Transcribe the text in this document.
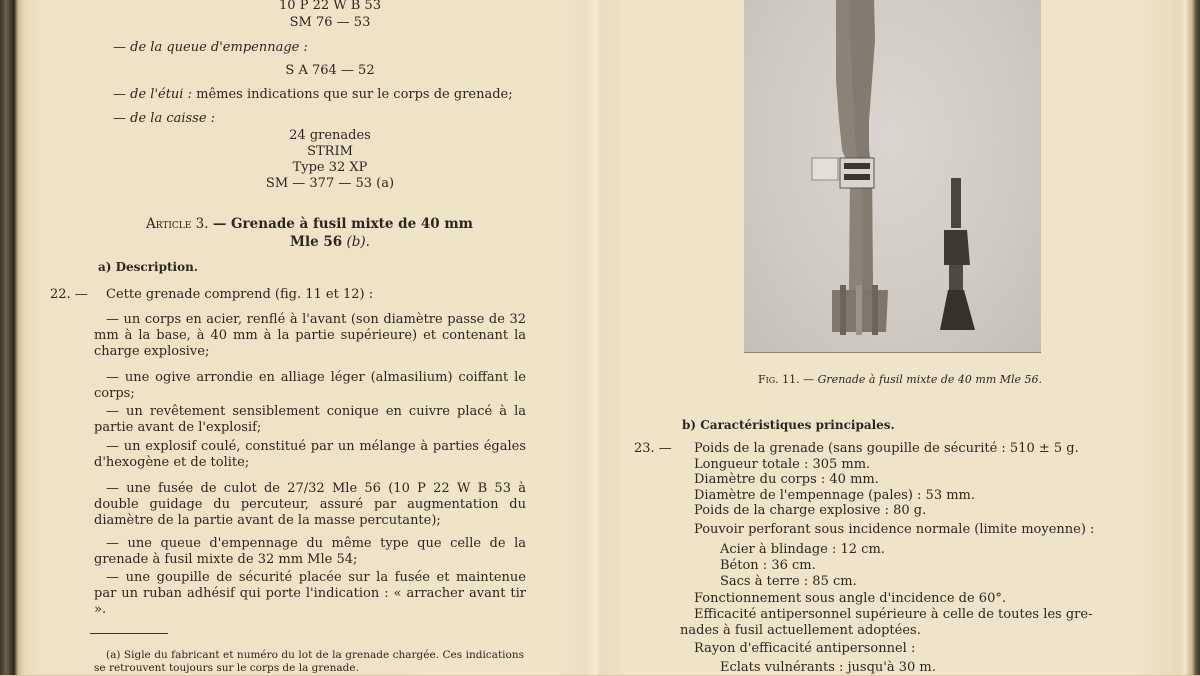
10 P 22 W B 53
SM 76 — 53
— de la queue d'empennage :
S A 764 — 52
— de l'étui : mêmes indications que sur le corps de grenade;
— de la caisse :
24 grenades
STRIM
Type 32 XP
SM — 377 — 53 (a)
Article 3. — Grenade à fusil mixte de 40 mm
Mle 56 (b).
a) Description.
22. — Cette grenade comprend (fig. 11 et 12) :
— un corps en acier, renflé à l'avant (son diamètre passe de 32 mm à la base, à 40 mm à la partie supérieure) et contenant la charge explosive;
— une ogive arrondie en alliage léger (almasilium) coiffant le corps;
— un revêtement sensiblement conique en cuivre placé à la partie avant de l'explosif;
— un explosif coulé, constitué par un mélange à parties égales d'hexogène et de tolite;
— une fusée de culot de 27/32 Mle 56 (10 P 22 W B 53 à double guidage du percuteur, assuré par augmentation du diamètre de la partie avant de la masse percutante);
— une queue d'empennage du même type que celle de la grenade à fusil mixte de 32 mm Mle 54;
— une goupille de sécurité placée sur la fusée et maintenue par un ruban adhésif qui porte l'indication : « arracher avant tir ».
(a) Sigle du fabricant et numéro du lot de la grenade chargée. Ces indications se retrouvent toujours sur le corps de la grenade.
Fig. 11. — Grenade à fusil mixte de 40 mm Mle 56.
b) Caractéristiques principales.
23. — Poids de la grenade (sans goupille de sécurité : 510 ± 5 g.
Longueur totale : 305 mm.
Diamètre du corps : 40 mm.
Diamètre de l'empennage (pales) : 53 mm.
Poids de la charge explosive : 80 g.
Pouvoir perforant sous incidence normale (limite moyenne) :
Acier à blindage : 12 cm.
Béton : 36 cm.
Sacs à terre : 85 cm.
Fonctionnement sous angle d'incidence de 60°.
Efficacité antipersonnel supérieure à celle de toutes les gre-
nades à fusil actuellement adoptées.
Rayon d'efficacité antipersonnel :
Eclats vulnérants : jusqu'à 30 m.
